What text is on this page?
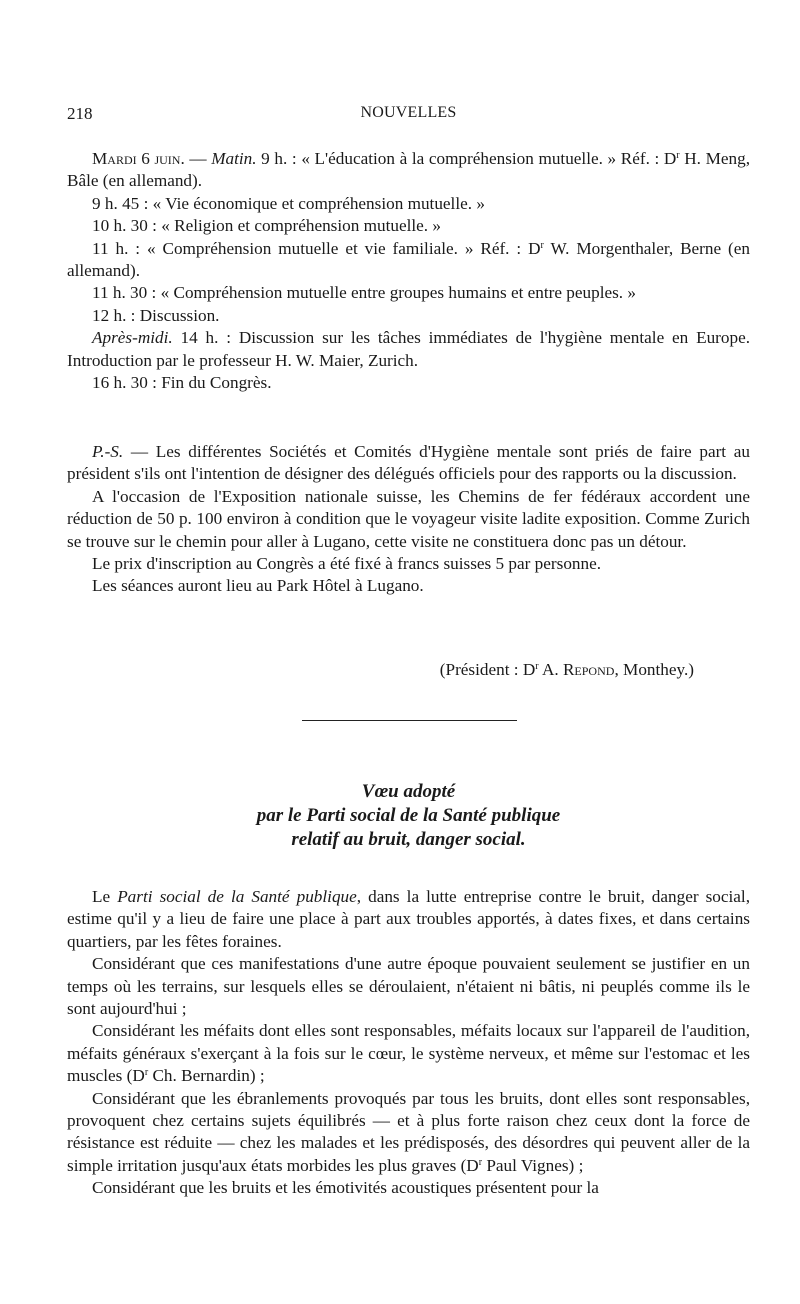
218	NOUVELLES

Mardi 6 juin. — Matin. 9 h. : « L'éducation à la compréhension mutuelle. » Réf. : $D^r$ H. Meng, Bâle (en allemand).

9 h. 45 : « Vie économique et compréhension mutuelle. »

10 h. 30 : « Religion et compréhension mutuelle. »

11 h. : « Compréhension mutuelle et vie familiale. » Réf. : $D^r$ W. Morgenthaler, Berne (en allemand).

11 h. 30 : « Compréhension mutuelle entre groupes humains et entre peuples. »

12 h. : Discussion.

Après-midi. 14 h. : Discussion sur les tâches immédiates de l'hygiène mentale en Europe. Introduction par le professeur H. W. Maier, Zurich.

16 h. 30 : Fin du Congrès.

P.-S. — Les différentes Sociétés et Comités d'Hygiène mentale sont priés de faire part au président s'ils ont l'intention de désigner des délégués officiels pour des rapports ou la discussion.

A l'occasion de l'Exposition nationale suisse, les Chemins de fer fédéraux accordent une réduction de 50 p. 100 environ à condition que le voyageur visite ladite exposition. Comme Zurich se trouve sur le chemin pour aller à Lugano, cette visite ne constituera donc pas un détour.

Le prix d'inscription au Congrès a été fixé à francs suisses 5 par personne.

Les séances auront lieu au Park Hôtel à Lugano.

(Président : $D^r$ A. Repond, Monthey.)
Vœu adopté
par le Parti social de la Santé publique
relatif au bruit, danger social.

Le Parti social de la Santé publique, dans la lutte entreprise contre le bruit, danger social, estime qu'il y a lieu de faire une place à part aux troubles apportés, à dates fixes, et dans certains quartiers, par les fêtes foraines.

Considérant que ces manifestations d'une autre époque pouvaient seulement se justifier en un temps où les terrains, sur lesquels elles se déroulaient, n'étaient ni bâtis, ni peuplés comme ils le sont aujourd'hui ;

Considérant les méfaits dont elles sont responsables, méfaits locaux sur l'appareil de l'audition, méfaits généraux s'exerçant à la fois sur le cœur, le système nerveux, et même sur l'estomac et les muscles ($D^r$ Ch. Bernardin) ;

Considérant que les ébranlements provoqués par tous les bruits, dont elles sont responsables, provoquent chez certains sujets équilibrés — et à plus forte raison chez ceux dont la force de résistance est réduite — chez les malades et les prédisposés, des désordres qui peuvent aller de la simple irritation jusqu'aux états morbides les plus graves ($D^r$ Paul Vignes) ;

Considérant que les bruits et les émotivités acoustiques présentent pour la
